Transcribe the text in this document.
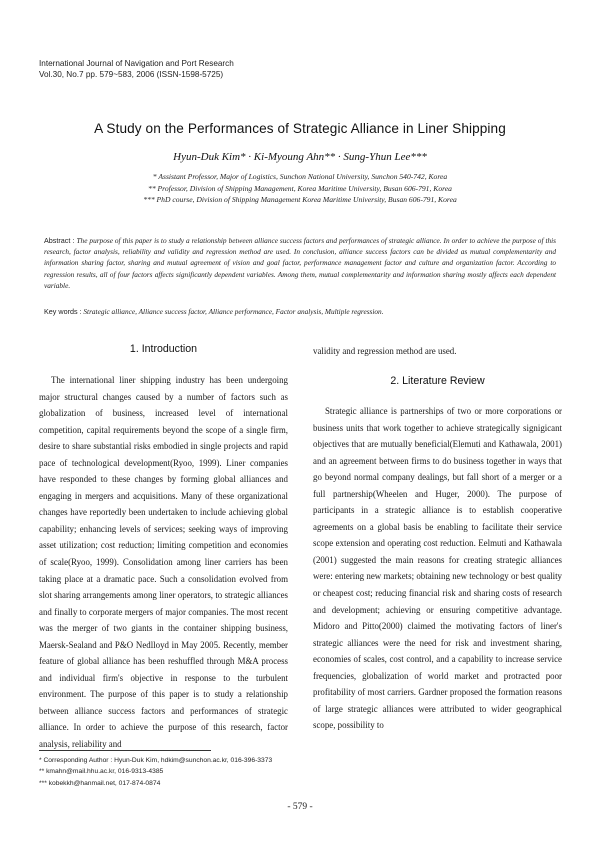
International Journal of Navigation and Port Research
Vol.30, No.7 pp. 579~583, 2006 (ISSN-1598-5725)
A Study on the Performances of Strategic Alliance in Liner Shipping
Hyun-Duk Kim* · Ki-Myoung Ahn** · Sung-Yhun Lee***
* Assistant Professor, Major of Logistics, Sunchon National University, Sunchon 540-742, Korea
** Professor, Division of Shipping Management, Korea Maritime University, Busan 606-791, Korea
*** PhD course, Division of Shipping Management Korea Maritime University, Busan 606-791, Korea
Abstract : The purpose of this paper is to study a relationship between alliance success factors and performances of strategic alliance. In order to achieve the purpose of this research, factor analysis, reliability and validity and regression method are used. In conclusion, alliance success factors can be divided as mutual complementarity and information sharing factor, sharing and mutual agreement of vision and goal factor, performance management factor and culture and organization factor. According to regression results, all of four factors affects significantly dependent variables. Among them, mutual complementarity and information sharing mostly affects each dependent variable.
Key words : Strategic alliance, Alliance success factor, Alliance performance, Factor analysis, Multiple regression.
1. Introduction

The international liner shipping industry has been undergoing major structural changes caused by a number of factors such as globalization of business, increased level of international competition, capital requirements beyond the scope of a single firm, desire to share substantial risks embodied in single projects and rapid pace of technological development(Ryoo, 1999). Liner companies have responded to these changes by forming global alliances and engaging in mergers and acquisitions. Many of these organizational changes have reportedly been undertaken to include achieving global capability; enhancing levels of services; seeking ways of improving asset utilization; cost reduction; limiting competition and economies of scale(Ryoo, 1999). Consolidation among liner carriers has been taking place at a dramatic pace. Such a consolidation evolved from slot sharing arrangements among liner operators, to strategic alliances and finally to corporate mergers of major companies. The most recent was the merger of two giants in the container shipping business, Maersk-Sealand and P&O Nedlloyd in May 2005. Recently, member feature of global alliance has been reshuffled through M&A process and individual firm's objective in response to the turbulent environment. The purpose of this paper is to study a relationship between alliance success factors and performances of strategic alliance. In order to achieve the purpose of this research, factor analysis, reliability and

validity and regression method are used.

2. Literature Review

Strategic alliance is partnerships of two or more corporations or business units that work together to achieve strategically signigicant objectives that are mutually beneficial(Elemuti and Kathawala, 2001) and an agreement between firms to do business together in ways that go beyond normal company dealings, but fall short of a merger or a full partnership(Wheelen and Huger, 2000). The purpose of participants in a strategic alliance is to establish cooperative agreements on a global basis be enabling to facilitate their service scope extension and operating cost reduction. Eelmuti and Kathawala (2001) suggested the main reasons for creating strategic alliances were: entering new markets; obtaining new technology or best quality or cheapest cost; reducing financial risk and sharing costs of research and development; achieving or ensuring competitive advantage. Midoro and Pitto(2000) claimed the motivating factors of liner's strategic alliances were the need for risk and investment sharing, economies of scales, cost control, and a capability to increase service frequencies, globalization of world market and protracted poor profitability of most carriers. Gardner proposed the formation reasons of large strategic alliances were attributed to wider geographical scope, possibility to

* Corresponding Author : Hyun-Duk Kim, hdkim@sunchon.ac.kr, 016-396-3373
** kmahn@mail.hhu.ac.kr, 016-9313-4385
*** kobekkh@hanmail.net, 017-874-0874
- 579 -
